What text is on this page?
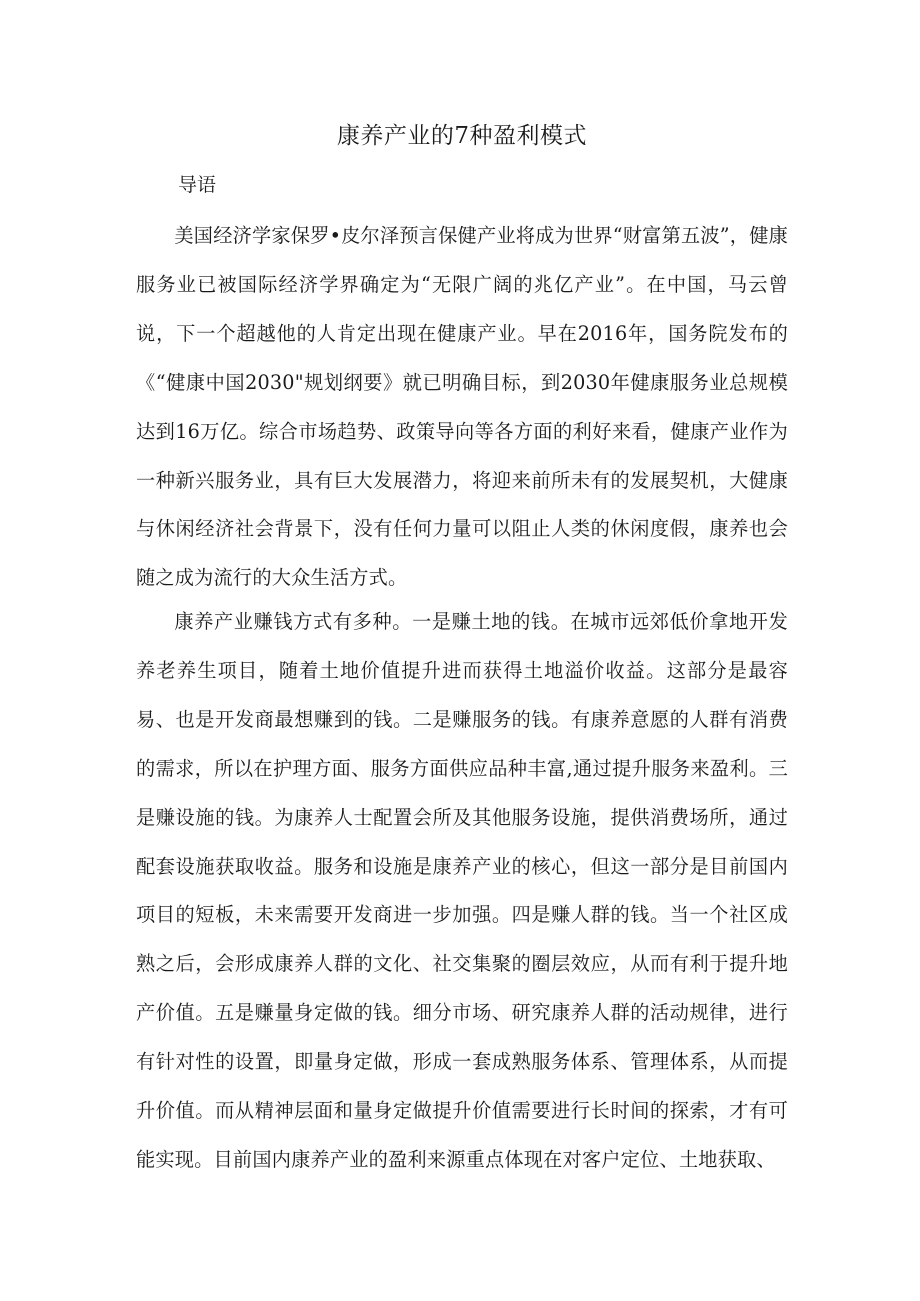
康养产业的7种盈利模式

导语

美国经济学家保罗•皮尔泽预言保健产业将成为世界“财富第五波”，健康服务业已被国际经济学界确定为“无限广阔的兆亿产业”。在中国，马云曾说，下一个超越他的人肯定出现在健康产业。早在2016年，国务院发布的《“健康中国2030"规划纲要》就已明确目标，到2030年健康服务业总规模达到16万亿。综合市场趋势、政策导向等各方面的利好来看，健康产业作为一种新兴服务业，具有巨大发展潜力，将迎来前所未有的发展契机，大健康与休闲经济社会背景下，没有任何力量可以阻止人类的休闲度假，康养也会随之成为流行的大众生活方式。

康养产业赚钱方式有多种。一是赚土地的钱。在城市远郊低价拿地开发养老养生项目，随着土地价值提升进而获得土地溢价收益。这部分是最容易、也是开发商最想赚到的钱。二是赚服务的钱。有康养意愿的人群有消费的需求，所以在护理方面、服务方面供应品种丰富,通过提升服务来盈利。三是赚设施的钱。为康养人士配置会所及其他服务设施，提供消费场所，通过配套设施获取收益。服务和设施是康养产业的核心，但这一部分是目前国内项目的短板，未来需要开发商进一步加强。四是赚人群的钱。当一个社区成熟之后，会形成康养人群的文化、社交集聚的圈层效应，从而有利于提升地产价值。五是赚量身定做的钱。细分市场、研究康养人群的活动规律，进行有针对性的设置，即量身定做，形成一套成熟服务体系、管理体系，从而提升价值。而从精神层面和量身定做提升价值需要进行长时间的探索，才有可能实现。目前国内康养产业的盈利来源重点体现在对客户定位、土地获取、
